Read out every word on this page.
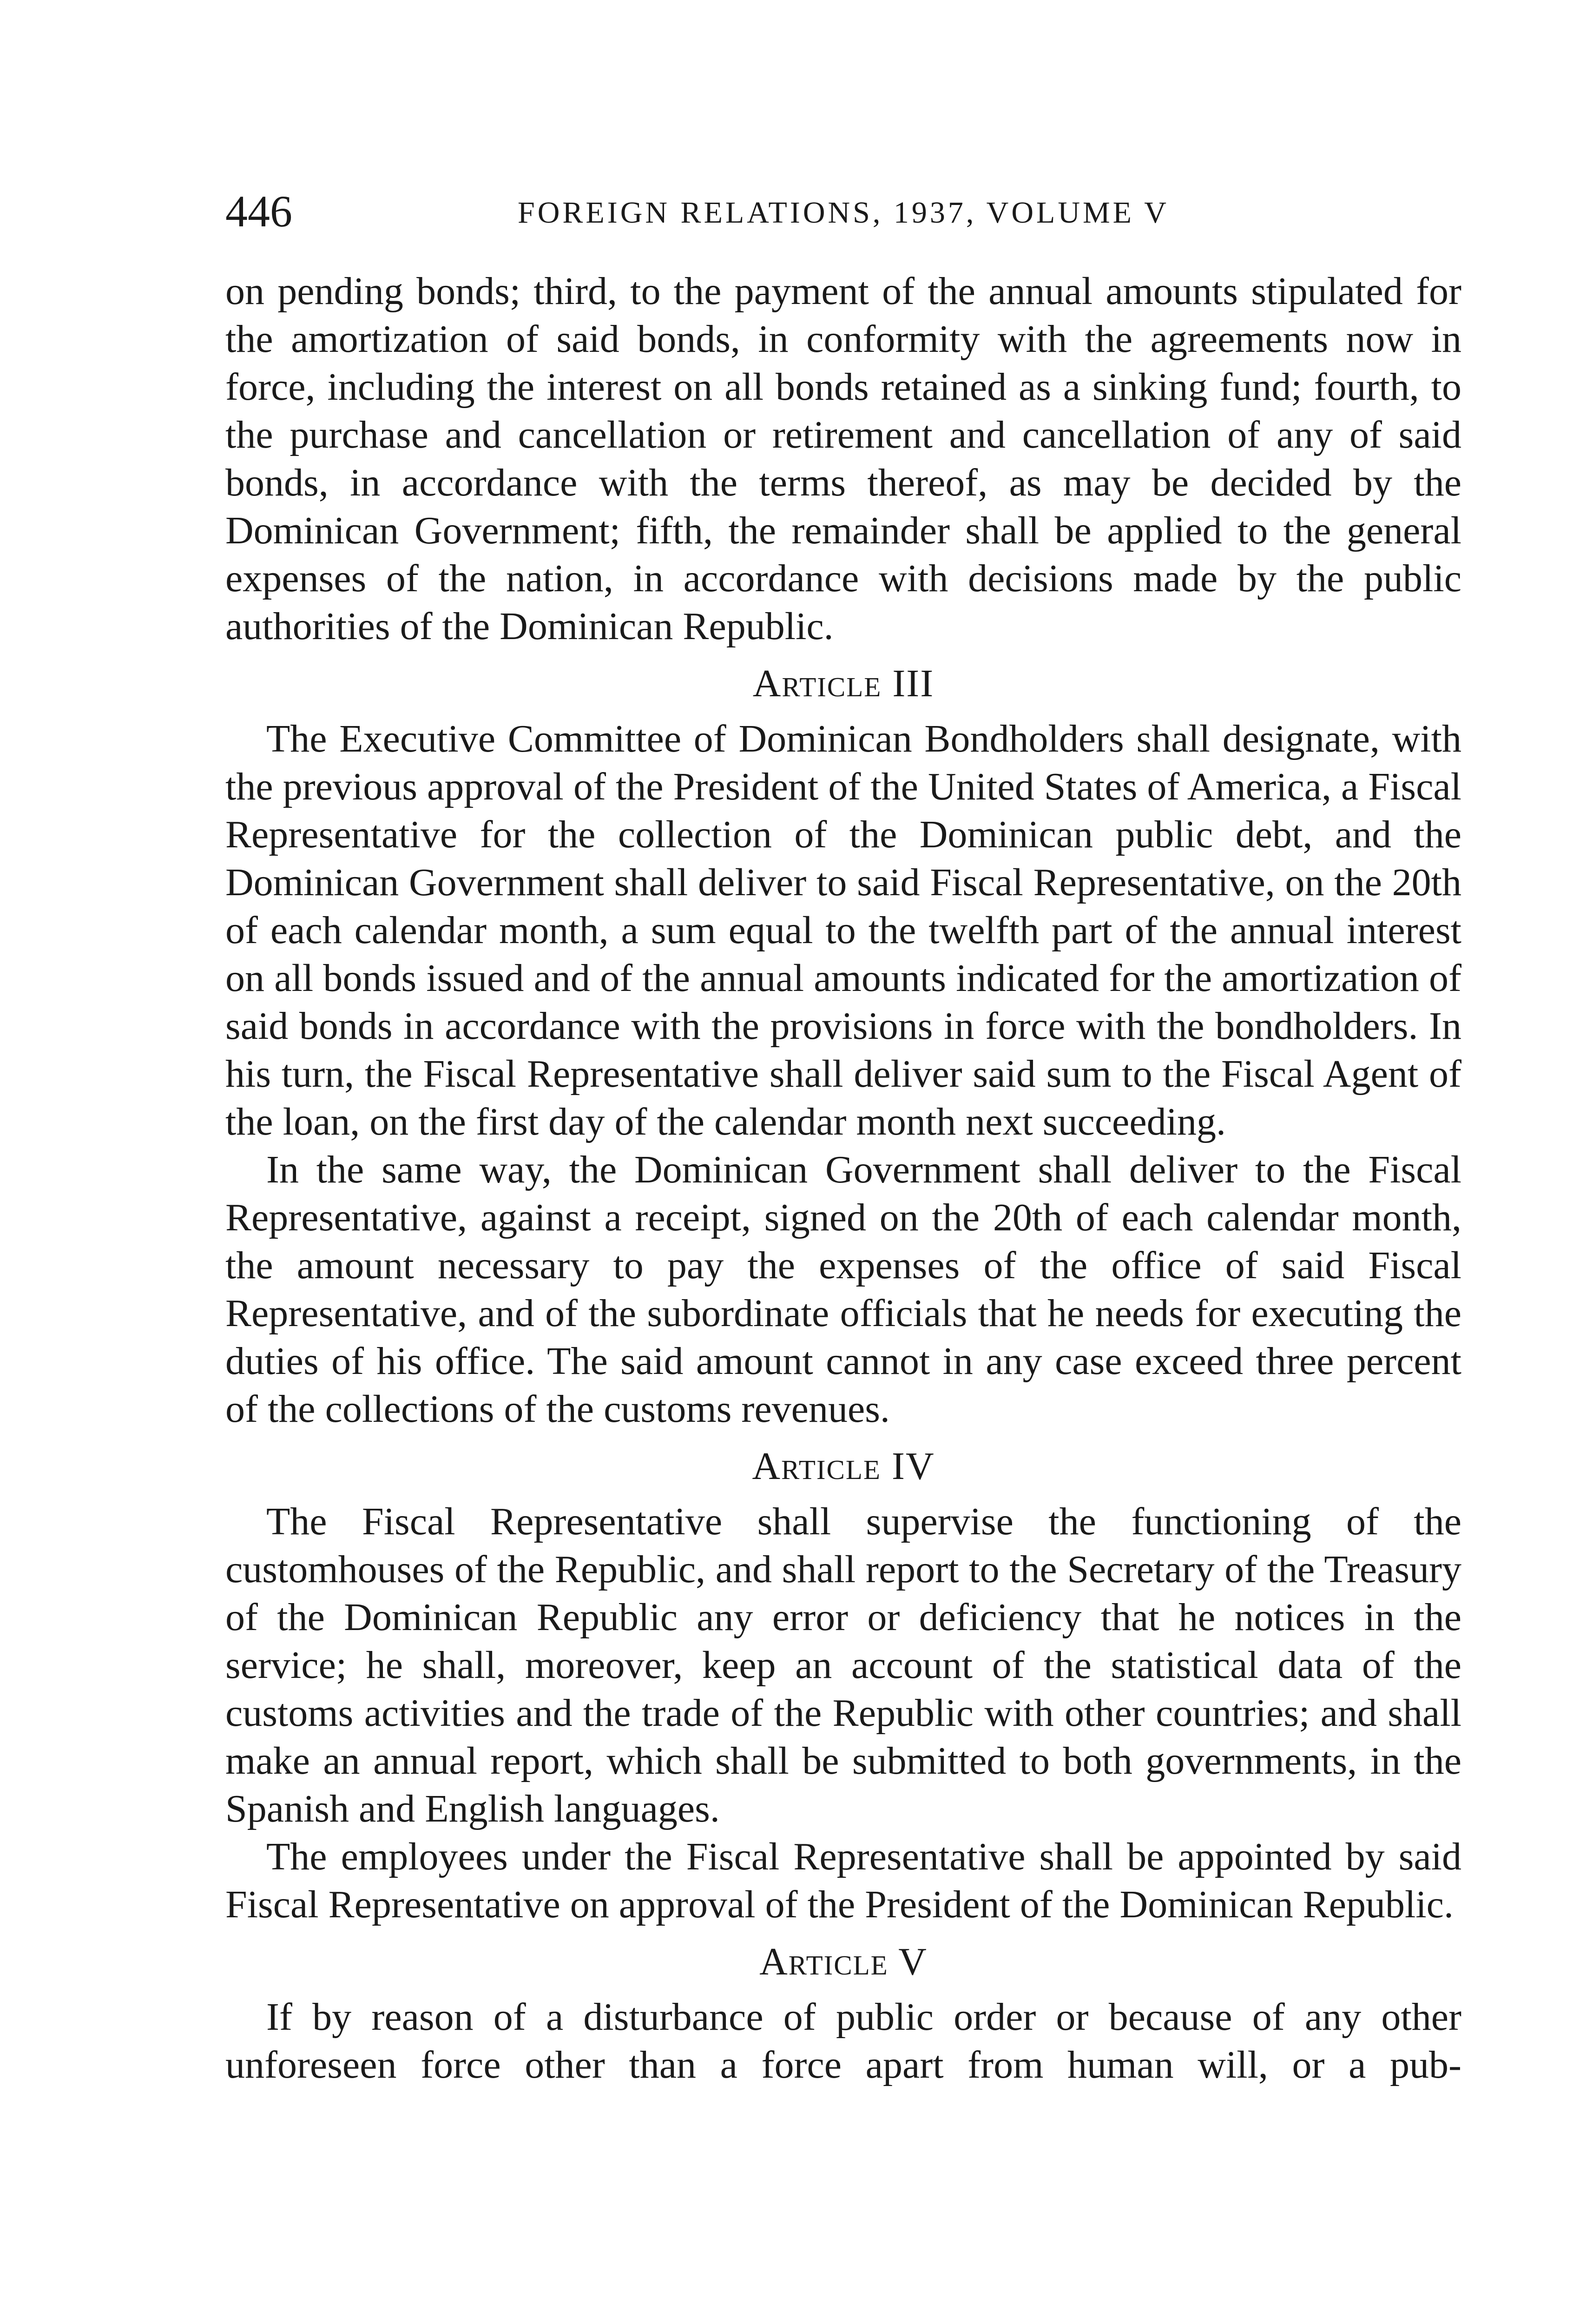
446	FOREIGN RELATIONS, 1937, VOLUME V

on pending bonds; third, to the payment of the annual amounts stipulated for the amortization of said bonds, in conformity with the agreements now in force, including the interest on all bonds retained as a sinking fund; fourth, to the purchase and cancellation or retirement and cancellation of any of said bonds, in accordance with the terms thereof, as may be decided by the Dominican Government; fifth, the remainder shall be applied to the general expenses of the nation, in accordance with decisions made by the public authorities of the Dominican Republic.

Article III

The Executive Committee of Dominican Bondholders shall designate, with the previous approval of the President of the United States of America, a Fiscal Representative for the collection of the Dominican public debt, and the Dominican Government shall deliver to said Fiscal Representative, on the 20th of each calendar month, a sum equal to the twelfth part of the annual interest on all bonds issued and of the annual amounts indicated for the amortization of said bonds in accordance with the provisions in force with the bondholders. In his turn, the Fiscal Representative shall deliver said sum to the Fiscal Agent of the loan, on the first day of the calendar month next succeeding.

In the same way, the Dominican Government shall deliver to the Fiscal Representative, against a receipt, signed on the 20th of each calendar month, the amount necessary to pay the expenses of the office of said Fiscal Representative, and of the subordinate officials that he needs for executing the duties of his office. The said amount cannot in any case exceed three percent of the collections of the customs revenues.

Article IV

The Fiscal Representative shall supervise the functioning of the customhouses of the Republic, and shall report to the Secretary of the Treasury of the Dominican Republic any error or deficiency that he notices in the service; he shall, moreover, keep an account of the statistical data of the customs activities and the trade of the Republic with other countries; and shall make an annual report, which shall be submitted to both governments, in the Spanish and English languages.

The employees under the Fiscal Representative shall be appointed by said Fiscal Representative on approval of the President of the Dominican Republic.

Article V

If by reason of a disturbance of public order or because of any other unforeseen force other than a force apart from human will, or a pub-
